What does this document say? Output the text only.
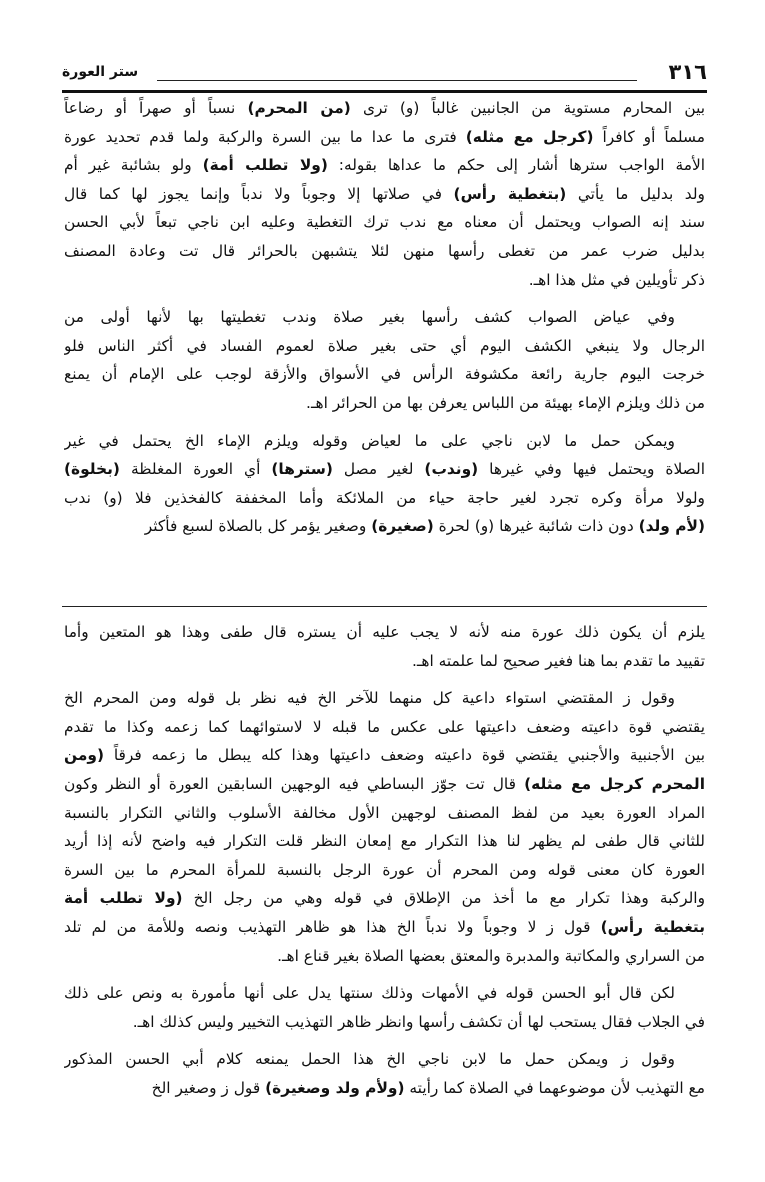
٣١٦
ستر العورة
بين المحارم مستوية من الجانبين غالباً (و) ترى (من المحرم) نسباً أو صهراً أو رضاعاً
مسلماً أو كافراً (كرجل مع مثله) فترى ما عدا ما بين السرة والركبة ولما قدم تحديد عورة
الأمة الواجب سترها أشار إلى حكم ما عداها بقوله: (ولا تطلب أمة) ولو بشائبة غير أم
ولد بدليل ما يأتي (بتغطية رأس) في صلاتها إلا وجوباً ولا ندباً وإنما يجوز لها كما قال
سند إنه الصواب ويحتمل أن معناه مع ندب ترك التغطية وعليه ابن ناجي تبعاً لأبي الحسن
بدليل ضرب عمر من تغطى رأسها منهن لئلا يتشبهن بالحرائر قال تت وعادة المصنف
ذكر تأويلين في مثل هذا اهـ.
وفي عياض الصواب كشف رأسها بغير صلاة وندب تغطيتها بها لأنها أولى من
الرجال ولا ينبغي الكشف اليوم أي حتى بغير صلاة لعموم الفساد في أكثر الناس فلو
خرجت اليوم جارية رائعة مكشوفة الرأس في الأسواق والأزقة لوجب على الإمام أن يمنع
من ذلك ويلزم الإماء بهيئة من اللباس يعرفن بها من الحرائر اهـ.
ويمكن حمل ما لابن ناجي على ما لعياض وقوله ويلزم الإماء الخ يحتمل في غير
الصلاة ويحتمل فيها وفي غيرها (وندب) لغير مصل (سترها) أي العورة المغلظة (بخلوة)
ولولا مرأة وكره تجرد لغير حاجة حياء من الملائكة وأما المخففة كالفخذين فلا (و) ندب
(لأم ولد) دون ذات شائبة غيرها (و) لحرة (صغيرة) وصغير يؤمر كل بالصلاة لسبع فأكثر
يلزم أن يكون ذلك عورة منه لأنه لا يجب عليه أن يستره قال طفى وهذا هو المتعين وأما
تقييد ما تقدم بما هنا فغير صحيح لما علمته اهـ.
وقول ز المقتضي استواء داعية كل منهما للآخر الخ فيه نظر بل قوله ومن المحرم الخ
يقتضي قوة داعيته وضعف داعيتها على عكس ما قبله لا لاستوائهما كما زعمه وكذا ما تقدم
بين الأجنبية والأجنبي يقتضي قوة داعيته وضعف داعيتها وهذا كله يبطل ما زعمه فرقاً (ومن
المحرم كرجل مع مثله) قال تت جوّز البساطي فيه الوجهين السابقين العورة أو النظر وكون
المراد العورة بعيد من لفظ المصنف لوجهين الأول مخالفة الأسلوب والثاني التكرار بالنسبة
للثاني قال طفى لم يظهر لنا هذا التكرار مع إمعان النظر قلت التكرار فيه واضح لأنه إذا أريد
العورة كان معنى قوله ومن المحرم أن عورة الرجل بالنسبة للمرأة المحرم ما بين السرة
والركبة وهذا تكرار مع ما أخذ من الإطلاق في قوله وهي من رجل الخ (ولا تطلب أمة
بتغطية رأس) قول ز لا وجوباً ولا ندباً الخ هذا هو ظاهر التهذيب ونصه وللأمة من لم تلد
من السراري والمكاتبة والمدبرة والمعتق بعضها الصلاة بغير قناع اهـ.
لكن قال أبو الحسن قوله في الأمهات وذلك سنتها يدل على أنها مأمورة به ونص على ذلك
في الجلاب فقال يستحب لها أن تكشف رأسها وانظر ظاهر التهذيب التخيير وليس كذلك اهـ.
وقول ز ويمكن حمل ما لابن ناجي الخ هذا الحمل يمنعه كلام أبي الحسن المذكور
مع التهذيب لأن موضوعهما في الصلاة كما رأيته (ولأم ولد وصغيرة) قول ز وصغير الخ
